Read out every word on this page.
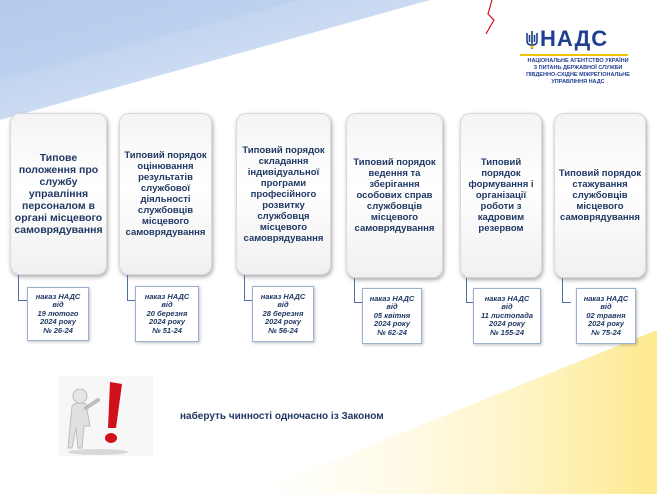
НАДС
НАЦІОНАЛЬНЕ АГЕНТСТВО УКРАЇНИ
З ПИТАНЬ ДЕРЖАВНОЇ СЛУЖБИ
ПІВДЕННО-СХІДНЕ МІЖРЕГІОНАЛЬНЕ
УПРАВЛІННЯ НАДС
Типове положення про службу управління персоналом в органі місцевого самоврядування
Типовий порядок оцінювання результатів службової діяльності службовців місцевого самоврядування
Типовий порядок складання індивідуальної програми професійного розвитку службовця місцевого самоврядування
Типовий порядок ведення та зберігання особових справ службовців місцевого самоврядування
Типовий порядок формування і організації роботи з кадровим резервом
Типовий порядок стажування службовців місцевого самоврядування
наказ НАДС
від
19 лютого
2024 року
№ 26-24
наказ НАДС
від
20 березня
2024 року
№ 51-24
наказ НАДС
від
28 березня
2024 року
№ 56-24
наказ НАДС
від
05 квітня
2024 року
№ 62-24
наказ НАДС
від
11 листопада
2024 року
№ 155-24
наказ НАДС
від
02 травня
2024 року
№ 75-24
наберуть чинності одночасно із Законом
